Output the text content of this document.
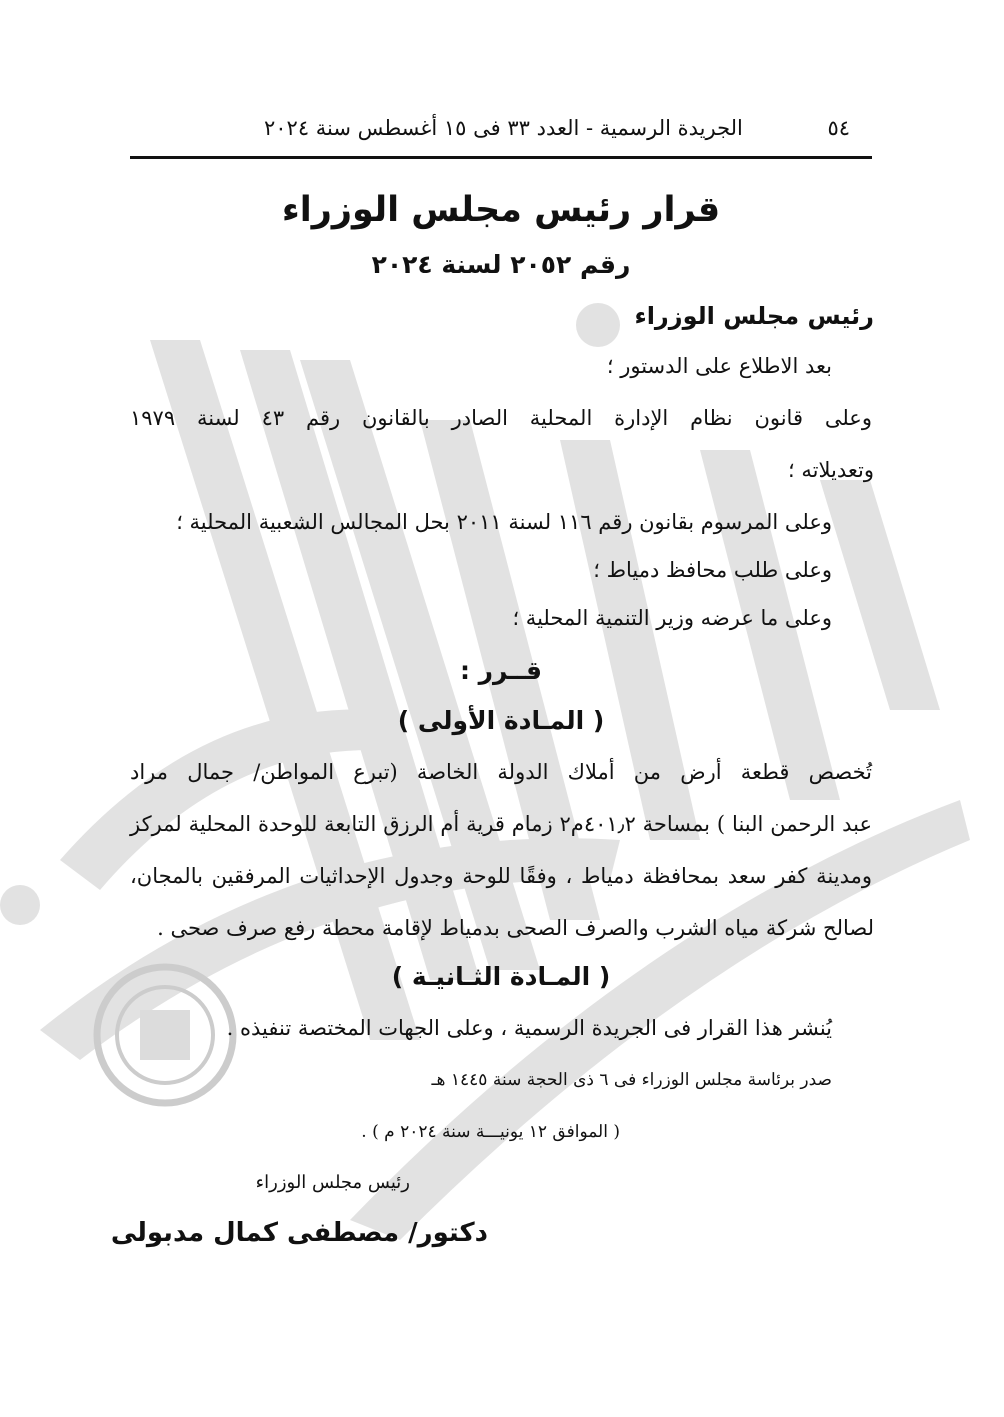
٥٤
الجريدة الرسمية - العدد ٣٣ فى ١٥ أغسطس سنة ٢٠٢٤
قرار رئيس مجلس الوزراء
رقم ٢٠٥٢ لسنة ٢٠٢٤
رئيس مجلس الوزراء
بعد الاطلاع على الدستور ؛
وعلى قانون نظام الإدارة المحلية الصادر بالقانون رقم ٤٣ لسنة ١٩٧٩
وتعديلاته ؛
وعلى المرسوم بقانون رقم ١١٦ لسنة ٢٠١١ بحل المجالس الشعبية المحلية ؛
وعلى طلب محافظ دمياط ؛
وعلى ما عرضه وزير التنمية المحلية ؛
قــرر :
( المـادة الأولى )
تُخصص قطعة أرض من أملاك الدولة الخاصة (تبرع المواطن/ جمال مراد
عبد الرحمن البنا ) بمساحة ٤٠١٫٢م٢ زمام قرية أم الرزق التابعة للوحدة المحلية لمركز
ومدينة كفر سعد بمحافظة دمياط ، وفقًا للوحة وجدول الإحداثيات المرفقين بالمجان،
لصالح شركة مياه الشرب والصرف الصحى بدمياط لإقامة محطة رفع صرف صحى .
( المـادة الثـانيـة )
يُنشر هذا القرار فى الجريدة الرسمية ، وعلى الجهات المختصة تنفيذه .
صدر برئاسة مجلس الوزراء فى ٦ ذى الحجة سنة ١٤٤٥ هـ
( الموافق ١٢ يونيـــة سنة ٢٠٢٤ م ) .
رئيس مجلس الوزراء
دكتور/ مصطفى كمال مدبولى
